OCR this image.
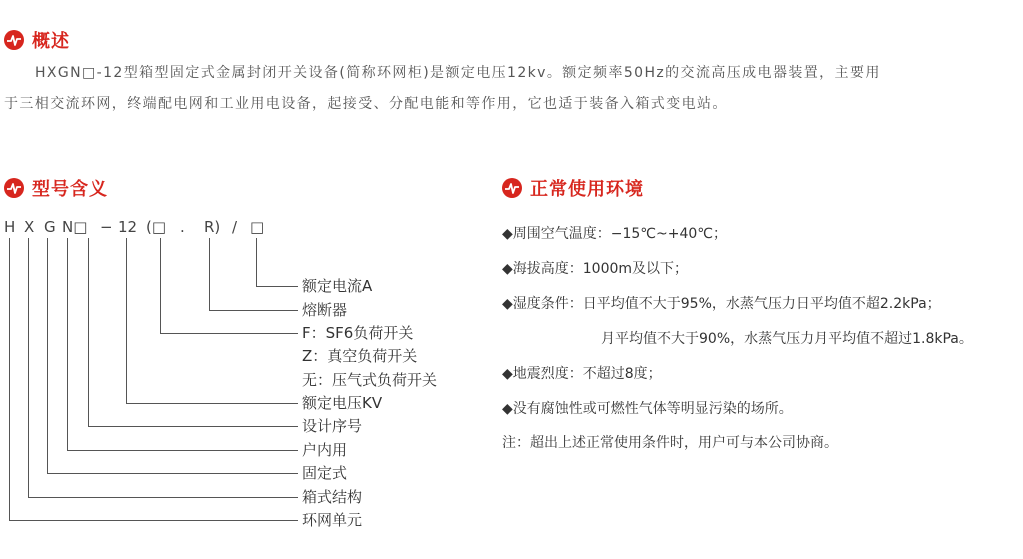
概述
HXGN□-12型箱型固定式金属封闭开关设备(简称环网柜)是额定电压12kv。额定频率50Hz的交流高压成电器装置，主要用
于三相交流环网，终端配电网和工业用电设备，起接受、分配电能和等作用，它也适于装备入箱式变电站。
型号含义
H X G N□ − 12 (□ . R) / □
额定电流A
熔断器
F：SF6负荷开关
Z：真空负荷开关
无：压气式负荷开关
额定电压KV
设计序号
户内用
固定式
箱式结构
环网单元
正常使用环境
◆周围空气温度：−15℃~+40℃；
◆海拔高度：1000m及以下；
◆湿度条件：日平均值不大于95%，水蒸气压力日平均值不超2.2kPa；
月平均值不大于90%，水蒸气压力月平均值不超过1.8kPa。
◆地震烈度：不超过8度；
◆没有腐蚀性或可燃性气体等明显污染的场所。
注：超出上述正常使用条件时，用户可与本公司协商。
